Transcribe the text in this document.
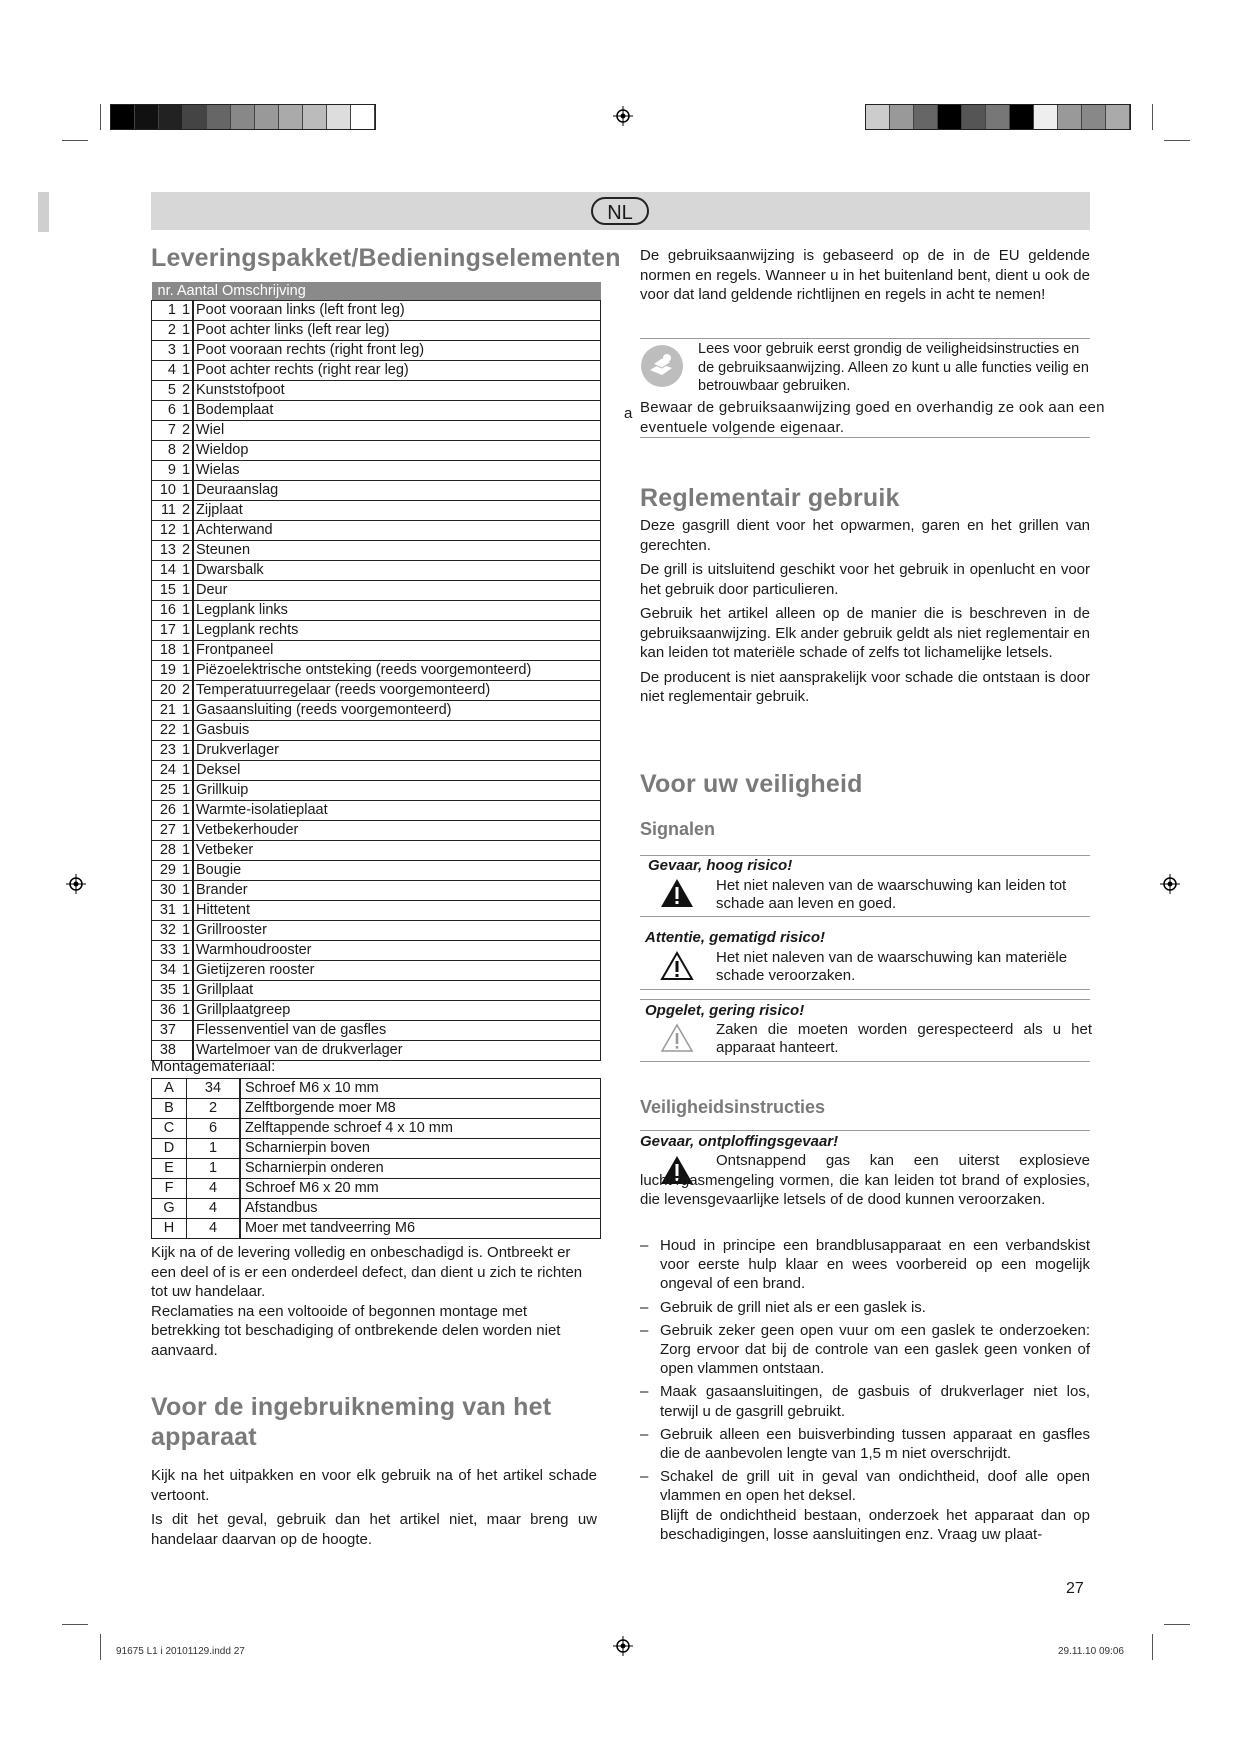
NL
Leveringspakket/Bedieningselementen
nr. Aantal Omschrijving		
1	1	Poot vooraan links (left front leg)
2	1	Poot achter links (left rear leg)
3	1	Poot vooraan rechts (right front leg)
4	1	Poot achter rechts (right rear leg)
5	2	Kunststofpoot
6	1	Bodemplaat
7	2	Wiel
8	2	Wieldop
9	1	Wielas
10	1	Deuraanslag
11	2	Zijplaat
12	1	Achterwand
13	2	Steunen
14	1	Dwarsbalk
15	1	Deur
16	1	Legplank links
17	1	Legplank rechts
18	1	Frontpaneel
19	1	Piëzoelektrische ontsteking (reeds voorgemonteerd)
20	2	Temperatuurregelaar (reeds voorgemonteerd)
21	1	Gasaansluiting (reeds voorgemonteerd)
22	1	Gasbuis
23	1	Drukverlager
24	1	Deksel
25	1	Grillkuip
26	1	Warmte-isolatieplaat
27	1	Vetbekerhouder
28	1	Vetbeker
29	1	Bougie
30	1	Brander
31	1	Hittetent
32	1	Grillrooster
33	1	Warmhoudrooster
34	1	Gietijzeren rooster
35	1	Grillplaat
36	1	Grillplaatgreep
37		Flessenventiel van de gasfles
38		Wartelmoer van de drukverlager
Montagemateriaal:
A	34	Schroef M6 x 10 mm
B	2	Zelftborgende moer M8
C	6	Zelftappende schroef 4 x 10 mm
D	1	Scharnierpin boven
E	1	Scharnierpin onderen
F	4	Schroef M6 x 20 mm
G	4	Afstandbus
H	4	Moer met tandveerring M6

Kijk na of de levering volledig en onbeschadigd is. Ontbreekt er een deel of is er een onderdeel defect, dan dient u zich te richten tot uw handelaar.

Reclamaties na een voltooide of begonnen montage met betrekking tot beschadiging of ontbrekende delen worden niet aanvaard.

Voor de ingebruikneming van het
apparaat

Kijk na het uitpakken en voor elk gebruik na of het artikel schade vertoont.

Is dit het geval, gebruik dan het artikel niet, maar breng uw handelaar daarvan op de hoogte.

De gebruiksaanwijzing is gebaseerd op de in de EU geldende normen en regels. Wanneer u in het buitenland bent, dient u ook de voor dat land geldende richtlijnen en regels in acht te nemen!

Lees voor gebruik eerst grondig de veiligheidsinstructies en de gebruiksaanwijzing. Alleen zo kunt u alle functies veilig en betrouwbaar gebruiken.
a Bewaar de gebruiksaanwijzing goed en overhandig ze ook aan een eventuele volgende eigenaar.
Reglementair gebruik

Deze gasgrill dient voor het opwarmen, garen en het grillen van gerechten.

De grill is uitsluitend geschikt voor het gebruik in openlucht en voor het gebruik door particulieren.

Gebruik het artikel alleen op de manier die is beschreven in de gebruiksaanwijzing. Elk ander gebruik geldt als niet reglementair en kan leiden tot materiële schade of zelfs tot lichamelijke letsels.

De producent is niet aansprakelijk voor schade die ontstaan is door niet reglementair gebruik.

Voor uw veiligheid
Signalen
Gevaar, hoog risico!
Het niet naleven van de waarschuwing kan leiden tot schade aan leven en goed.
Attentie, gematigd risico!
Het niet naleven van de waarschuwing kan materiële schade veroorzaken.
Opgelet, gering risico!
Zaken die moeten worden gerespecteerd als u het apparaat hanteert.
Veiligheidsinstructies
Gevaar, ontploffingsgevaar!

Ontsnappend gas kan een uiterst explosieve lucht-/gasmengeling vormen, die kan leiden tot brand of explosies, die levensgevaarlijke letsels of de dood kunnen veroorzaken.

– Houd in principe een brandblusapparaat en een verbandskist voor eerste hulp klaar en wees voorbereid op een mogelijk ongeval of een brand.
– Gebruik de grill niet als er een gaslek is.
– Gebruik zeker geen open vuur om een gaslek te onderzoeken: Zorg ervoor dat bij de controle van een gaslek geen vonken of open vlammen ontstaan.
– Maak gasaansluitingen, de gasbuis of drukverlager niet los, terwijl u de gasgrill gebruikt.
– Gebruik alleen een buisverbinding tussen apparaat en gasfles die de aanbevolen lengte van 1,5 m niet overschrijdt.
– Schakel de grill uit in geval van ondichtheid, doof alle open vlammen en open het deksel.
Blijft de ondichtheid bestaan, onderzoek het apparaat dan op beschadigingen, losse aansluitingen enz. Vraag uw plaat-
27
91675 L1 i 20101129.indd 27	29.11.10 09:06
